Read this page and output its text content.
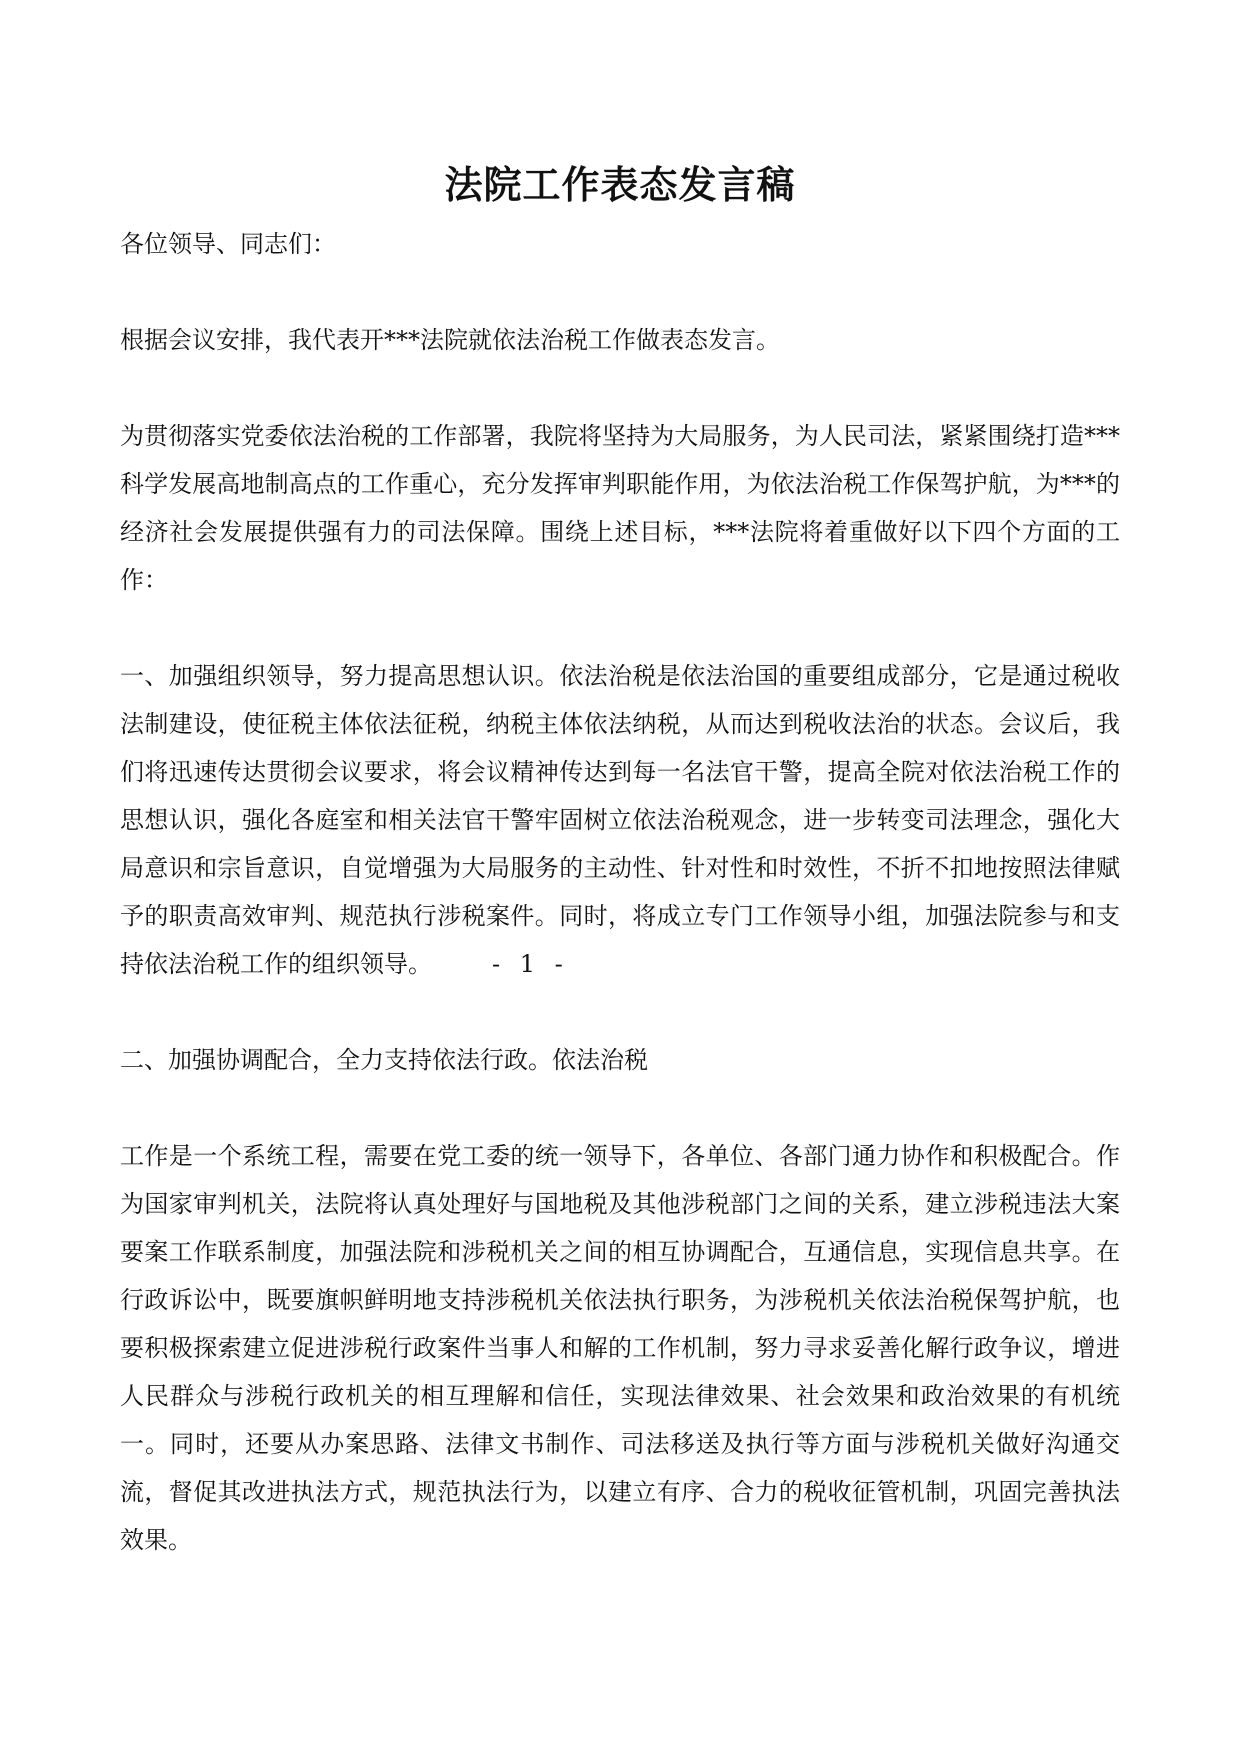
法院工作表态发言稿

各位领导、同志们：

根据会议安排，我代表开***法院就依法治税工作做表态发言。

为贯彻落实党委依法治税的工作部署，我院将坚持为大局服务，为人民司法，紧紧围绕打造***科学发展高地制高点的工作重心，充分发挥审判职能作用，为依法治税工作保驾护航，为***的经济社会发展提供强有力的司法保障。围绕上述目标，***法院将着重做好以下四个方面的工作：

一、加强组织领导，努力提高思想认识。依法治税是依法治国的重要组成部分，它是通过税收法制建设，使征税主体依法征税，纳税主体依法纳税，从而达到税收法治的状态。会议后，我们将迅速传达贯彻会议要求，将会议精神传达到每一名法官干警，提高全院对依法治税工作的思想认识，强化各庭室和相关法官干警牢固树立依法治税观念，进一步转变司法理念，强化大局意识和宗旨意识，自觉增强为大局服务的主动性、针对性和时效性，不折不扣地按照法律赋予的职责高效审判、规范执行涉税案件。同时，将成立专门工作领导小组，加强法院参与和支持依法治税工作的组织领导。	- 1 -

二、加强协调配合，全力支持依法行政。依法治税

工作是一个系统工程，需要在党工委的统一领导下，各单位、各部门通力协作和积极配合。作为国家审判机关，法院将认真处理好与国地税及其他涉税部门之间的关系，建立涉税违法大案要案工作联系制度，加强法院和涉税机关之间的相互协调配合，互通信息，实现信息共享。在行政诉讼中，既要旗帜鲜明地支持涉税机关依法执行职务，为涉税机关依法治税保驾护航，也要积极探索建立促进涉税行政案件当事人和解的工作机制，努力寻求妥善化解行政争议，增进人民群众与涉税行政机关的相互理解和信任，实现法律效果、社会效果和政治效果的有机统一。同时，还要从办案思路、法律文书制作、司法移送及执行等方面与涉税机关做好沟通交流，督促其改进执法方式，规范执法行为，以建立有序、合力的税收征管机制，巩固完善执法效果。
